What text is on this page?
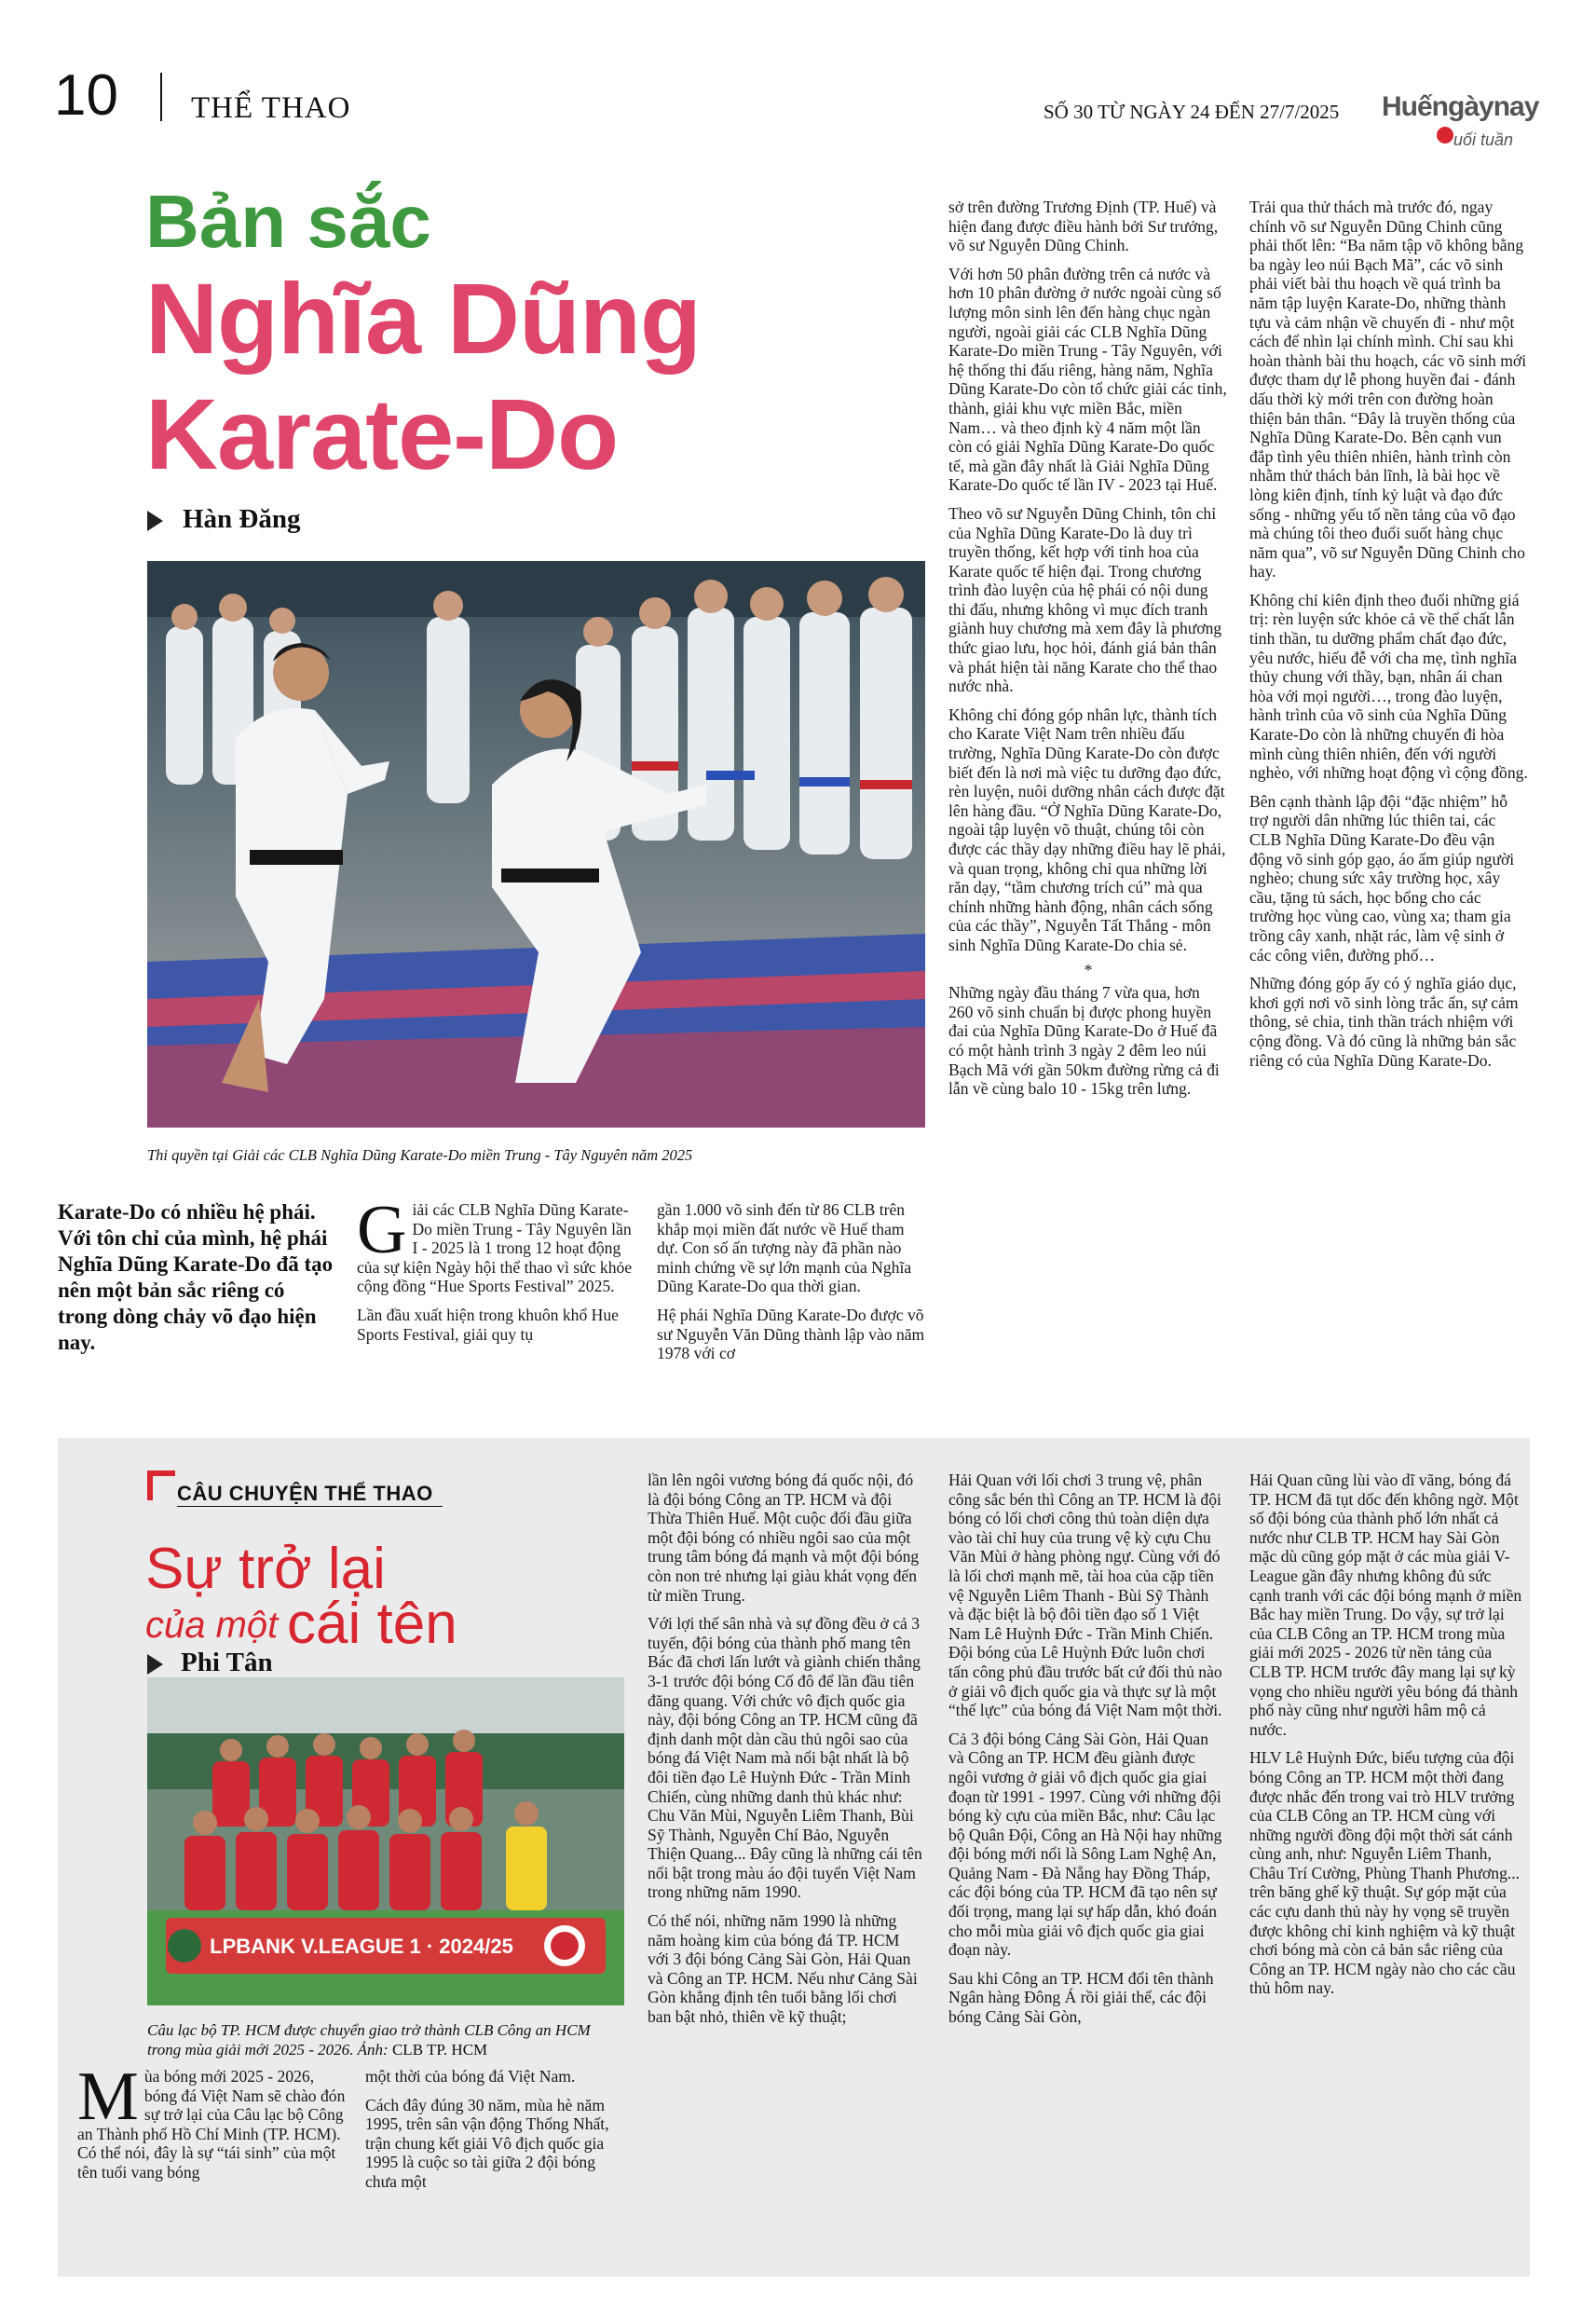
10 THỂ THAO	SỐ 30 TỪ NGÀY 24 ĐẾN 27/7/2025 Huếngàynay
uối tuần
Bản sắc
Nghĩa Dũng
Karate-Do
Hàn Đăng
Thi quyền tại Giải các CLB Nghĩa Dũng Karate-Do miền Trung - Tây Nguyên năm 2025
Karate-Do có nhiều hệ phái. Với tôn chỉ của mình, hệ phái Nghĩa Dũng Karate-Do đã tạo nên một bản sắc riêng có trong dòng chảy võ đạo hiện nay.

Giải các CLB Nghĩa Dũng Karate-Do miền Trung - Tây Nguyên lần I - 2025 là 1 trong 12 hoạt động của sự kiện Ngày hội thể thao vì sức khỏe cộng đồng “Hue Sports Festival” 2025.

Lần đầu xuất hiện trong khuôn khổ Hue Sports Festival, giải quy tụ

gần 1.000 võ sinh đến từ 86 CLB trên khắp mọi miền đất nước về Huế tham dự. Con số ấn tượng này đã phần nào minh chứng về sự lớn mạnh của Nghĩa Dũng Karate-Do qua thời gian.

Hệ phái Nghĩa Dũng Karate-Do được võ sư Nguyễn Văn Dũng thành lập vào năm 1978 với cơ

sở trên đường Trương Định (TP. Huế) và hiện đang được điều hành bởi Sư trưởng, võ sư Nguyễn Dũng Chinh.

Với hơn 50 phân đường trên cả nước và hơn 10 phân đường ở nước ngoài cùng số lượng môn sinh lên đến hàng chục ngàn người, ngoài giải các CLB Nghĩa Dũng Karate-Do miền Trung - Tây Nguyên, với hệ thống thi đấu riêng, hàng năm, Nghĩa Dũng Karate-Do còn tổ chức giải các tỉnh, thành, giải khu vực miền Bắc, miền Nam… và theo định kỳ 4 năm một lần còn có giải Nghĩa Dũng Karate-Do quốc tế, mà gần đây nhất là Giải Nghĩa Dũng Karate-Do quốc tế lần IV - 2023 tại Huế.

Theo võ sư Nguyễn Dũng Chinh, tôn chỉ của Nghĩa Dũng Karate-Do là duy trì truyền thống, kết hợp với tinh hoa của Karate quốc tế hiện đại. Trong chương trình đào luyện của hệ phái có nội dung thi đấu, nhưng không vì mục đích tranh giành huy chương mà xem đây là phương thức giao lưu, học hỏi, đánh giá bản thân và phát hiện tài năng Karate cho thể thao nước nhà.

Không chỉ đóng góp nhân lực, thành tích cho Karate Việt Nam trên nhiều đấu trường, Nghĩa Dũng Karate-Do còn được biết đến là nơi mà việc tu dưỡng đạo đức, rèn luyện, nuôi dưỡng nhân cách được đặt lên hàng đầu. “Ở Nghĩa Dũng Karate-Do, ngoài tập luyện võ thuật, chúng tôi còn được các thầy dạy những điều hay lẽ phải, và quan trọng, không chỉ qua những lời răn dạy, “tầm chương trích cú” mà qua chính những hành động, nhân cách sống của các thầy”, Nguyễn Tất Thắng - môn sinh Nghĩa Dũng Karate-Do chia sẻ.

*

Những ngày đầu tháng 7 vừa qua, hơn 260 võ sinh chuẩn bị được phong huyền đai của Nghĩa Dũng Karate-Do ở Huế đã có một hành trình 3 ngày 2 đêm leo núi Bạch Mã với gần 50km đường rừng cả đi lẫn về cùng balo 10 - 15kg trên lưng.

Trải qua thử thách mà trước đó, ngay chính võ sư Nguyễn Dũng Chinh cũng phải thốt lên: “Ba năm tập võ không bằng ba ngày leo núi Bạch Mã”, các võ sinh phải viết bài thu hoạch về quá trình ba năm tập luyện Karate-Do, những thành tựu và cảm nhận về chuyến đi - như một cách để nhìn lại chính mình. Chỉ sau khi hoàn thành bài thu hoạch, các võ sinh mới được tham dự lễ phong huyền đai - đánh dấu thời kỳ mới trên con đường hoàn thiện bản thân. “Đây là truyền thống của Nghĩa Dũng Karate-Do. Bên cạnh vun đắp tình yêu thiên nhiên, hành trình còn nhằm thử thách bản lĩnh, là bài học về lòng kiên định, tính kỷ luật và đạo đức sống - những yếu tố nền tảng của võ đạo mà chúng tôi theo đuổi suốt hàng chục năm qua”, võ sư Nguyễn Dũng Chinh cho hay.

Không chỉ kiên định theo đuổi những giá trị: rèn luyện sức khỏe cả về thể chất lẫn tinh thần, tu dưỡng phẩm chất đạo đức, yêu nước, hiếu đễ với cha mẹ, tình nghĩa thủy chung với thầy, bạn, nhân ái chan hòa với mọi người…, trong đào luyện, hành trình của võ sinh của Nghĩa Dũng Karate-Do còn là những chuyến đi hòa mình cùng thiên nhiên, đến với người nghèo, với những hoạt động vì cộng đồng.

Bên cạnh thành lập đội “đặc nhiệm” hỗ trợ người dân những lúc thiên tai, các CLB Nghĩa Dũng Karate-Do đều vận động võ sinh góp gạo, áo ấm giúp người nghèo; chung sức xây trường học, xây cầu, tặng tủ sách, học bổng cho các trường học vùng cao, vùng xa; tham gia trồng cây xanh, nhặt rác, làm vệ sinh ở các công viên, đường phố…

Những đóng góp ấy có ý nghĩa giáo dục, khơi gợi nơi võ sinh lòng trắc ẩn, sự cảm thông, sẻ chia, tinh thần trách nhiệm với cộng đồng. Và đó cũng là những bản sắc riêng có của Nghĩa Dũng Karate-Do.

CÂU CHUYỆN THỂ THAO
Sự trở lại
của một cái tên
Phi Tân
LPBANK V.LEAGUE 1 · 2024/25
Câu lạc bộ TP. HCM được chuyển giao trở thành CLB Công an HCM trong mùa giải mới 2025 - 2026. Ảnh: CLB TP. HCM

Mùa bóng mới 2025 - 2026, bóng đá Việt Nam sẽ chào đón sự trở lại của Câu lạc bộ Công an Thành phố Hồ Chí Minh (TP. HCM). Có thể nói, đây là sự “tái sinh” của một tên tuổi vang bóng

một thời của bóng đá Việt Nam.

Cách đây đúng 30 năm, mùa hè năm 1995, trên sân vận động Thống Nhất, trận chung kết giải Vô địch quốc gia 1995 là cuộc so tài giữa 2 đội bóng chưa một

lần lên ngôi vương bóng đá quốc nội, đó là đội bóng Công an TP. HCM và đội Thừa Thiên Huế. Một cuộc đối đầu giữa một đội bóng có nhiều ngôi sao của một trung tâm bóng đá mạnh và một đội bóng còn non trẻ nhưng lại giàu khát vọng đến từ miền Trung.

Với lợi thế sân nhà và sự đồng đều ở cả 3 tuyến, đội bóng của thành phố mang tên Bác đã chơi lấn lướt và giành chiến thắng 3-1 trước đội bóng Cố đô để lần đầu tiên đăng quang. Với chức vô địch quốc gia này, đội bóng Công an TP. HCM cũng đã định danh một dàn cầu thủ ngôi sao của bóng đá Việt Nam mà nổi bật nhất là bộ đôi tiền đạo Lê Huỳnh Đức - Trần Minh Chiến, cùng những danh thủ khác như: Chu Văn Mùi, Nguyễn Liêm Thanh, Bùi Sỹ Thành, Nguyễn Chí Bảo, Nguyễn Thiện Quang... Đây cũng là những cái tên nổi bật trong màu áo đội tuyển Việt Nam trong những năm 1990.

Có thể nói, những năm 1990 là những năm hoàng kim của bóng đá TP. HCM với 3 đội bóng Cảng Sài Gòn, Hải Quan và Công an TP. HCM. Nếu như Cảng Sài Gòn khẳng định tên tuổi bằng lối chơi ban bật nhỏ, thiên về kỹ thuật;

Hải Quan với lối chơi 3 trung vệ, phân công sắc bén thì Công an TP. HCM là đội bóng có lối chơi công thủ toàn diện dựa vào tài chỉ huy của trung vệ kỳ cựu Chu Văn Mùi ở hàng phòng ngự. Cùng với đó là lối chơi mạnh mẽ, tài hoa của cặp tiền vệ Nguyễn Liêm Thanh - Bùi Sỹ Thành và đặc biệt là bộ đôi tiền đạo số 1 Việt Nam Lê Huỳnh Đức - Trần Minh Chiến. Đội bóng của Lê Huỳnh Đức luôn chơi tấn công phủ đầu trước bất cứ đối thủ nào ở giải vô địch quốc gia và thực sự là một “thế lực” của bóng đá Việt Nam một thời.

Cả 3 đội bóng Cảng Sài Gòn, Hải Quan và Công an TP. HCM đều giành được ngôi vương ở giải vô địch quốc gia giai đoạn từ 1991 - 1997. Cùng với những đội bóng kỳ cựu của miền Bắc, như: Câu lạc bộ Quân Đội, Công an Hà Nội hay những đội bóng mới nổi là Sông Lam Nghệ An, Quảng Nam - Đà Nẵng hay Đồng Tháp, các đội bóng của TP. HCM đã tạo nên sự đối trọng, mang lại sự hấp dẫn, khó đoán cho mỗi mùa giải vô địch quốc gia giai đoạn này.

Sau khi Công an TP. HCM đổi tên thành Ngân hàng Đông Á rồi giải thể, các đội bóng Cảng Sài Gòn,

Hải Quan cũng lùi vào dĩ vãng, bóng đá TP. HCM đã tụt dốc đến không ngờ. Một số đội bóng của thành phố lớn nhất cả nước như CLB TP. HCM hay Sài Gòn mặc dù cũng góp mặt ở các mùa giải V-League gần đây nhưng không đủ sức cạnh tranh với các đội bóng mạnh ở miền Bắc hay miền Trung. Do vậy, sự trở lại của CLB Công an TP. HCM trong mùa giải mới 2025 - 2026 từ nền tảng của CLB TP. HCM trước đây mang lại sự kỳ vọng cho nhiều người yêu bóng đá thành phố này cũng như người hâm mộ cả nước.

HLV Lê Huỳnh Đức, biểu tượng của đội bóng Công an TP. HCM một thời đang được nhắc đến trong vai trò HLV trưởng của CLB Công an TP. HCM cùng với những người đồng đội một thời sát cánh cùng anh, như: Nguyễn Liêm Thanh, Châu Trí Cường, Phùng Thanh Phương... trên băng ghế kỹ thuật. Sự góp mặt của các cựu danh thủ này hy vọng sẽ truyền được không chỉ kinh nghiệm và kỹ thuật chơi bóng mà còn cả bản sắc riêng của Công an TP. HCM ngày nào cho các cầu thủ hôm nay.
